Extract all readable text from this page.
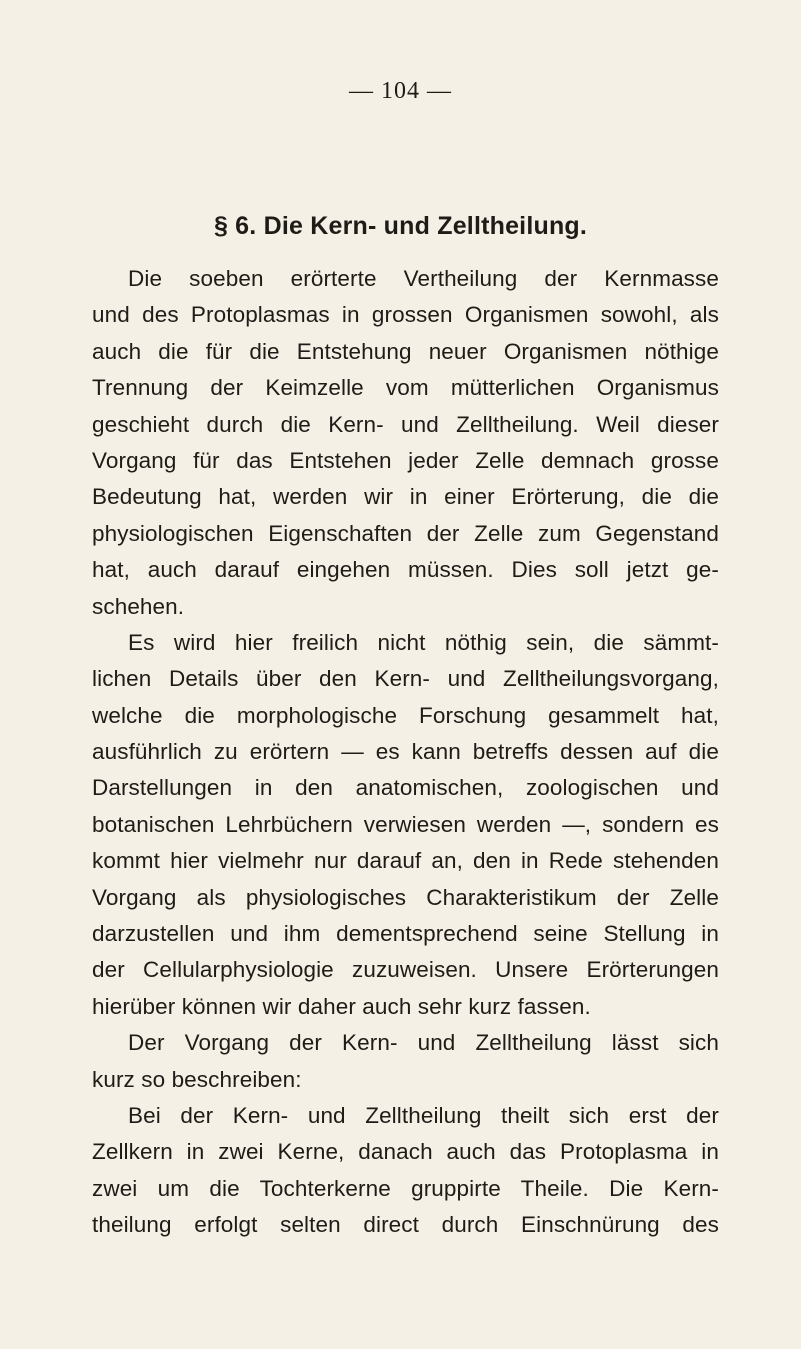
— 104 —
§ 6. Die Kern- und Zelltheilung.
Die soeben erörterte Vertheilung der Kernmasse
und des Protoplasmas in grossen Organismen sowohl, als
auch die für die Entstehung neuer Organismen nöthige
Trennung der Keimzelle vom mütterlichen Organismus
geschieht durch die Kern- und Zelltheilung. Weil dieser
Vorgang für das Entstehen jeder Zelle demnach grosse
Bedeutung hat, werden wir in einer Erörterung, die die
physiologischen Eigenschaften der Zelle zum Gegenstand
hat, auch darauf eingehen müssen. Dies soll jetzt ge-
schehen.
Es wird hier freilich nicht nöthig sein, die sämmt-
lichen Details über den Kern- und Zelltheilungsvorgang,
welche die morphologische Forschung gesammelt hat,
ausführlich zu erörtern — es kann betreffs dessen auf die
Darstellungen in den anatomischen, zoologischen und
botanischen Lehrbüchern verwiesen werden —, sondern es
kommt hier vielmehr nur darauf an, den in Rede stehenden
Vorgang als physiologisches Charakteristikum der Zelle
darzustellen und ihm dementsprechend seine Stellung in
der Cellularphysiologie zuzuweisen. Unsere Erörterungen
hierüber können wir daher auch sehr kurz fassen.
Der Vorgang der Kern- und Zelltheilung lässt sich
kurz so beschreiben:
Bei der Kern- und Zelltheilung theilt sich erst der
Zellkern in zwei Kerne, danach auch das Protoplasma in
zwei um die Tochterkerne gruppirte Theile. Die Kern-
theilung erfolgt selten direct durch Einschnürung des
